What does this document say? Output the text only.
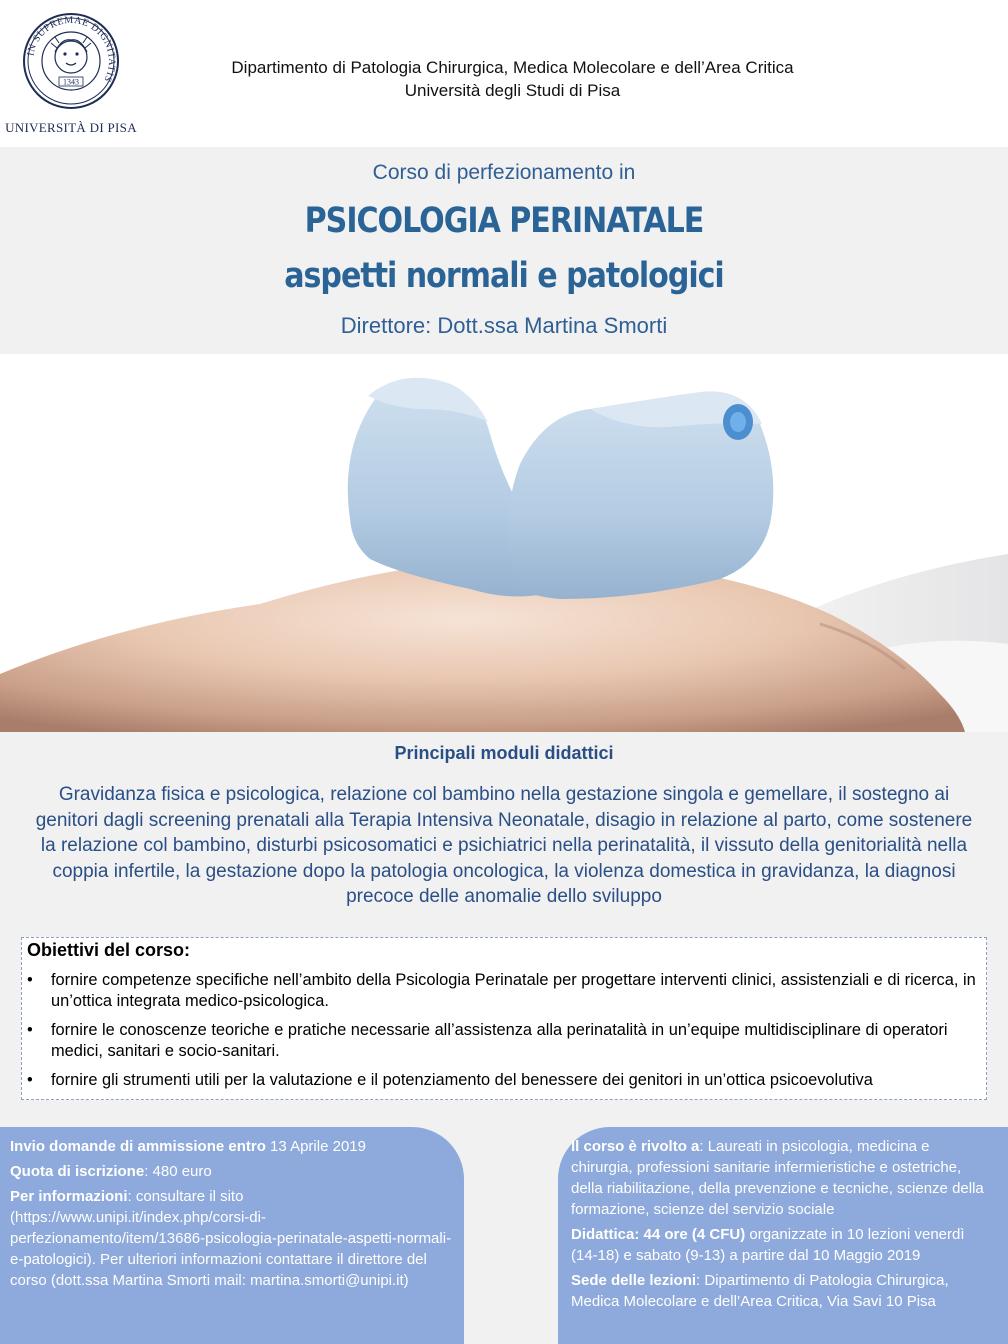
IN SUPREMAE DIGNITATIS
1343
UNIVERSITÀ DI PISA
Dipartimento di Patologia Chirurgica, Medica Molecolare e dell’Area Critica
Università degli Studi di Pisa
Corso di perfezionamento in
PSICOLOGIA PERINATALE
aspetti normali e patologici
Direttore: Dott.ssa Martina Smorti
Principali moduli didattici
Gravidanza fisica e psicologica, relazione col bambino nella gestazione singola e gemellare, il sostegno ai genitori dagli screening prenatali alla Terapia Intensiva Neonatale, disagio in relazione al parto, come sostenere la relazione col bambino, disturbi psicosomatici e psichiatrici nella perinatalità, il vissuto della genitorialità nella coppia infertile, la gestazione dopo la patologia oncologica, la violenza domestica in gravidanza, la diagnosi precoce delle anomalie dello sviluppo
Obiettivi del corso:
• fornire competenze specifiche nell’ambito della Psicologia Perinatale per progettare interventi clinici, assistenziali e di ricerca, in un’ottica integrata medico-psicologica.
• fornire le conoscenze teoriche e pratiche necessarie all’assistenza alla perinatalità in un’equipe multidisciplinare di operatori medici, sanitari e socio-sanitari.
• fornire gli strumenti utili per la valutazione e il potenziamento del benessere dei genitori in un’ottica psicoevolutiva

Invio domande di ammissione entro 13 Aprile 2019

Quota di iscrizione: 480 euro

Per informazioni: consultare il sito (https://www.unipi.it/index.php/corsi-di-perfezionamento/item/13686-psicologia-perinatale-aspetti-normali-e-patologici). Per ulteriori informazioni contattare il direttore del corso (dott.ssa Martina Smorti mail: martina.smorti@unipi.it)

Il corso è rivolto a: Laureati in psicologia, medicina e chirurgia, professioni sanitarie infermieristiche e ostetriche, della riabilitazione, della prevenzione e tecniche, scienze della formazione, scienze del servizio sociale

Didattica: 44 ore (4 CFU) organizzate in 10 lezioni venerdì (14-18) e sabato (9-13) a partire dal 10 Maggio 2019

Sede delle lezioni: Dipartimento di Patologia Chirurgica, Medica Molecolare e dell’Area Critica, Via Savi 10 Pisa
